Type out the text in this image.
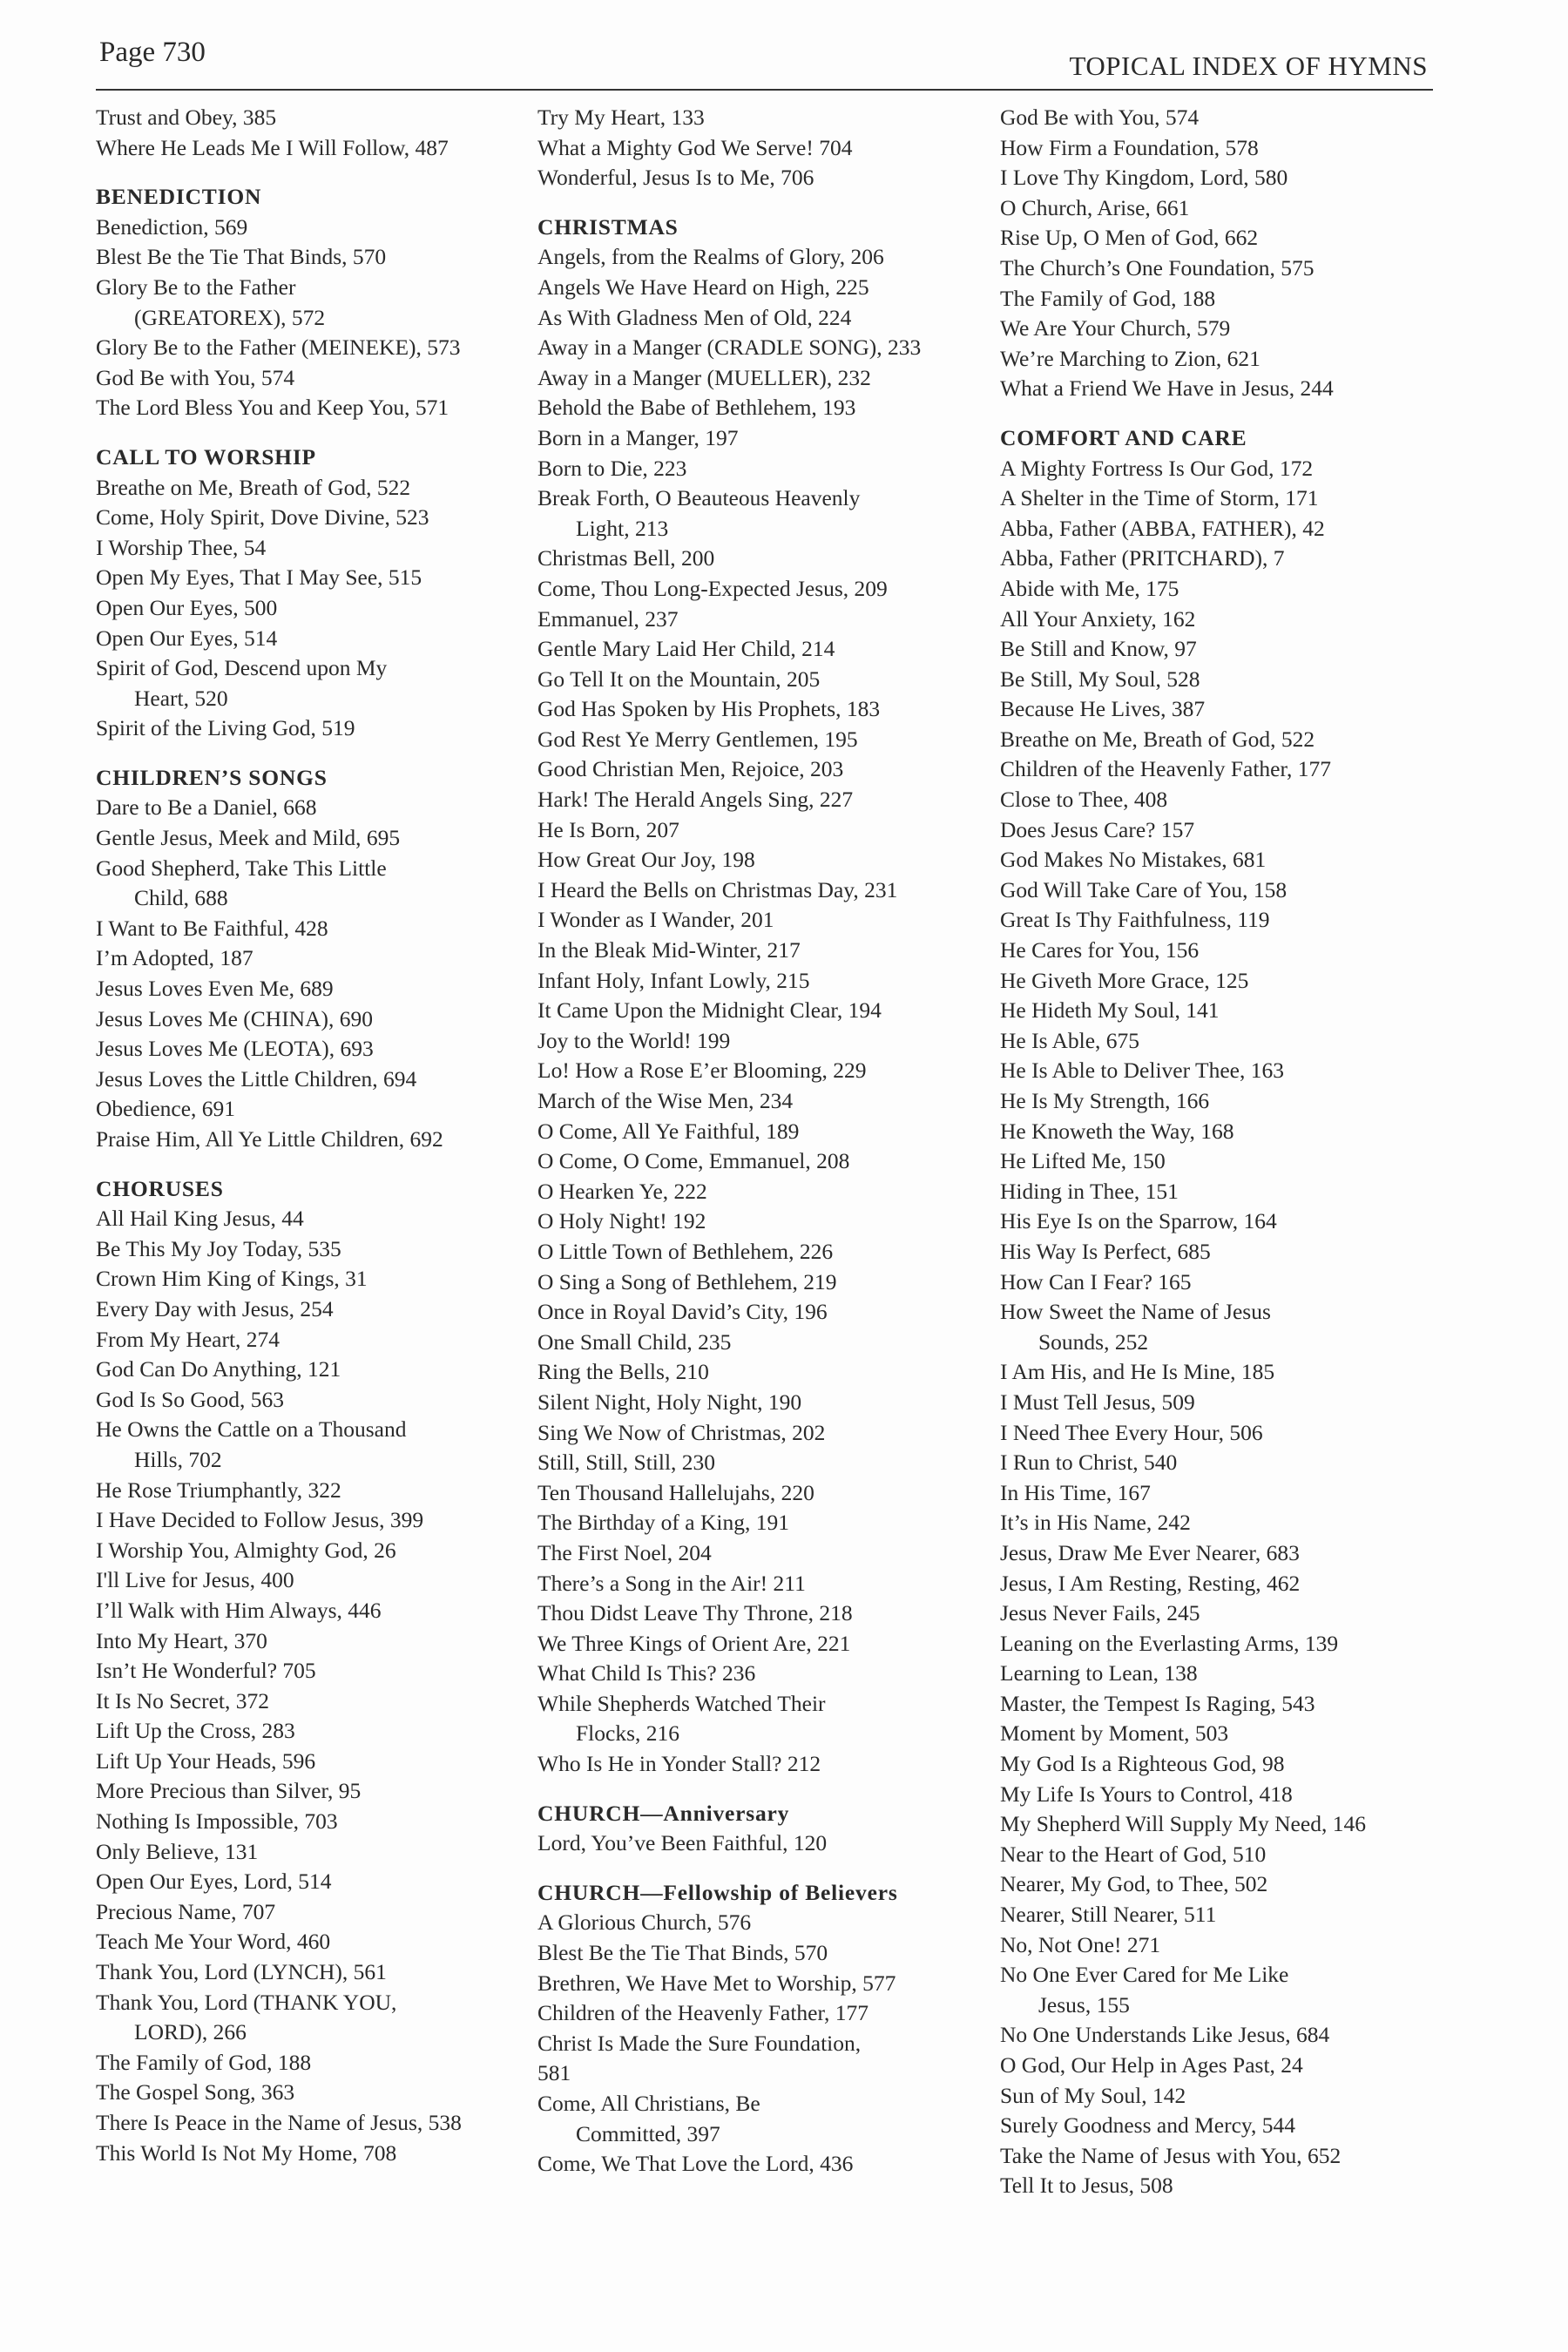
Page 730	TOPICAL INDEX OF HYMNS
Trust and Obey, 385
Where He Leads Me I Will Follow, 487
BENEDICTION
Benediction, 569
Blest Be the Tie That Binds, 570
Glory Be to the Father
(GREATOREX), 572
Glory Be to the Father (MEINEKE), 573
God Be with You, 574
The Lord Bless You and Keep You, 571
CALL TO WORSHIP
Breathe on Me, Breath of God, 522
Come, Holy Spirit, Dove Divine, 523
I Worship Thee, 54
Open My Eyes, That I May See, 515
Open Our Eyes, 500
Open Our Eyes, 514
Spirit of God, Descend upon My
Heart, 520
Spirit of the Living God, 519
CHILDREN’S SONGS
Dare to Be a Daniel, 668
Gentle Jesus, Meek and Mild, 695
Good Shepherd, Take This Little
Child, 688
I Want to Be Faithful, 428
I’m Adopted, 187
Jesus Loves Even Me, 689
Jesus Loves Me (CHINA), 690
Jesus Loves Me (LEOTA), 693
Jesus Loves the Little Children, 694
Obedience, 691
Praise Him, All Ye Little Children, 692
CHORUSES
All Hail King Jesus, 44
Be This My Joy Today, 535
Crown Him King of Kings, 31
Every Day with Jesus, 254
From My Heart, 274
God Can Do Anything, 121
God Is So Good, 563
He Owns the Cattle on a Thousand
Hills, 702
He Rose Triumphantly, 322
I Have Decided to Follow Jesus, 399
I Worship You, Almighty God, 26
I'll Live for Jesus, 400
I’ll Walk with Him Always, 446
Into My Heart, 370
Isn’t He Wonderful? 705
It Is No Secret, 372
Lift Up the Cross, 283
Lift Up Your Heads, 596
More Precious than Silver, 95
Nothing Is Impossible, 703
Only Believe, 131
Open Our Eyes, Lord, 514
Precious Name, 707
Teach Me Your Word, 460
Thank You, Lord (LYNCH), 561
Thank You, Lord (THANK YOU,
LORD), 266
The Family of God, 188
The Gospel Song, 363
There Is Peace in the Name of Jesus, 538
This World Is Not My Home, 708
Try My Heart, 133
What a Mighty God We Serve! 704
Wonderful, Jesus Is to Me, 706
CHRISTMAS
Angels, from the Realms of Glory, 206
Angels We Have Heard on High, 225
As With Gladness Men of Old, 224
Away in a Manger (CRADLE SONG), 233
Away in a Manger (MUELLER), 232
Behold the Babe of Bethlehem, 193
Born in a Manger, 197
Born to Die, 223
Break Forth, O Beauteous Heavenly
Light, 213
Christmas Bell, 200
Come, Thou Long-Expected Jesus, 209
Emmanuel, 237
Gentle Mary Laid Her Child, 214
Go Tell It on the Mountain, 205
God Has Spoken by His Prophets, 183
God Rest Ye Merry Gentlemen, 195
Good Christian Men, Rejoice, 203
Hark! The Herald Angels Sing, 227
He Is Born, 207
How Great Our Joy, 198
I Heard the Bells on Christmas Day, 231
I Wonder as I Wander, 201
In the Bleak Mid-Winter, 217
Infant Holy, Infant Lowly, 215
It Came Upon the Midnight Clear, 194
Joy to the World! 199
Lo! How a Rose E’er Blooming, 229
March of the Wise Men, 234
O Come, All Ye Faithful, 189
O Come, O Come, Emmanuel, 208
O Hearken Ye, 222
O Holy Night! 192
O Little Town of Bethlehem, 226
O Sing a Song of Bethlehem, 219
Once in Royal David’s City, 196
One Small Child, 235
Ring the Bells, 210
Silent Night, Holy Night, 190
Sing We Now of Christmas, 202
Still, Still, Still, 230
Ten Thousand Hallelujahs, 220
The Birthday of a King, 191
The First Noel, 204
There’s a Song in the Air! 211
Thou Didst Leave Thy Throne, 218
We Three Kings of Orient Are, 221
What Child Is This? 236
While Shepherds Watched Their
Flocks, 216
Who Is He in Yonder Stall? 212
CHURCH—Anniversary
Lord, You’ve Been Faithful, 120
CHURCH—Fellowship of Believers
A Glorious Church, 576
Blest Be the Tie That Binds, 570
Brethren, We Have Met to Worship, 577
Children of the Heavenly Father, 177
Christ Is Made the Sure Foundation,
581
Come, All Christians, Be
Committed, 397
Come, We That Love the Lord, 436
God Be with You, 574
How Firm a Foundation, 578
I Love Thy Kingdom, Lord, 580
O Church, Arise, 661
Rise Up, O Men of God, 662
The Church’s One Foundation, 575
The Family of God, 188
We Are Your Church, 579
We’re Marching to Zion, 621
What a Friend We Have in Jesus, 244
COMFORT AND CARE
A Mighty Fortress Is Our God, 172
A Shelter in the Time of Storm, 171
Abba, Father (ABBA, FATHER), 42
Abba, Father (PRITCHARD), 7
Abide with Me, 175
All Your Anxiety, 162
Be Still and Know, 97
Be Still, My Soul, 528
Because He Lives, 387
Breathe on Me, Breath of God, 522
Children of the Heavenly Father, 177
Close to Thee, 408
Does Jesus Care? 157
God Makes No Mistakes, 681
God Will Take Care of You, 158
Great Is Thy Faithfulness, 119
He Cares for You, 156
He Giveth More Grace, 125
He Hideth My Soul, 141
He Is Able, 675
He Is Able to Deliver Thee, 163
He Is My Strength, 166
He Knoweth the Way, 168
He Lifted Me, 150
Hiding in Thee, 151
His Eye Is on the Sparrow, 164
His Way Is Perfect, 685
How Can I Fear? 165
How Sweet the Name of Jesus
Sounds, 252
I Am His, and He Is Mine, 185
I Must Tell Jesus, 509
I Need Thee Every Hour, 506
I Run to Christ, 540
In His Time, 167
It’s in His Name, 242
Jesus, Draw Me Ever Nearer, 683
Jesus, I Am Resting, Resting, 462
Jesus Never Fails, 245
Leaning on the Everlasting Arms, 139
Learning to Lean, 138
Master, the Tempest Is Raging, 543
Moment by Moment, 503
My God Is a Righteous God, 98
My Life Is Yours to Control, 418
My Shepherd Will Supply My Need, 146
Near to the Heart of God, 510
Nearer, My God, to Thee, 502
Nearer, Still Nearer, 511
No, Not One! 271
No One Ever Cared for Me Like
Jesus, 155
No One Understands Like Jesus, 684
O God, Our Help in Ages Past, 24
Sun of My Soul, 142
Surely Goodness and Mercy, 544
Take the Name of Jesus with You, 652
Tell It to Jesus, 508
